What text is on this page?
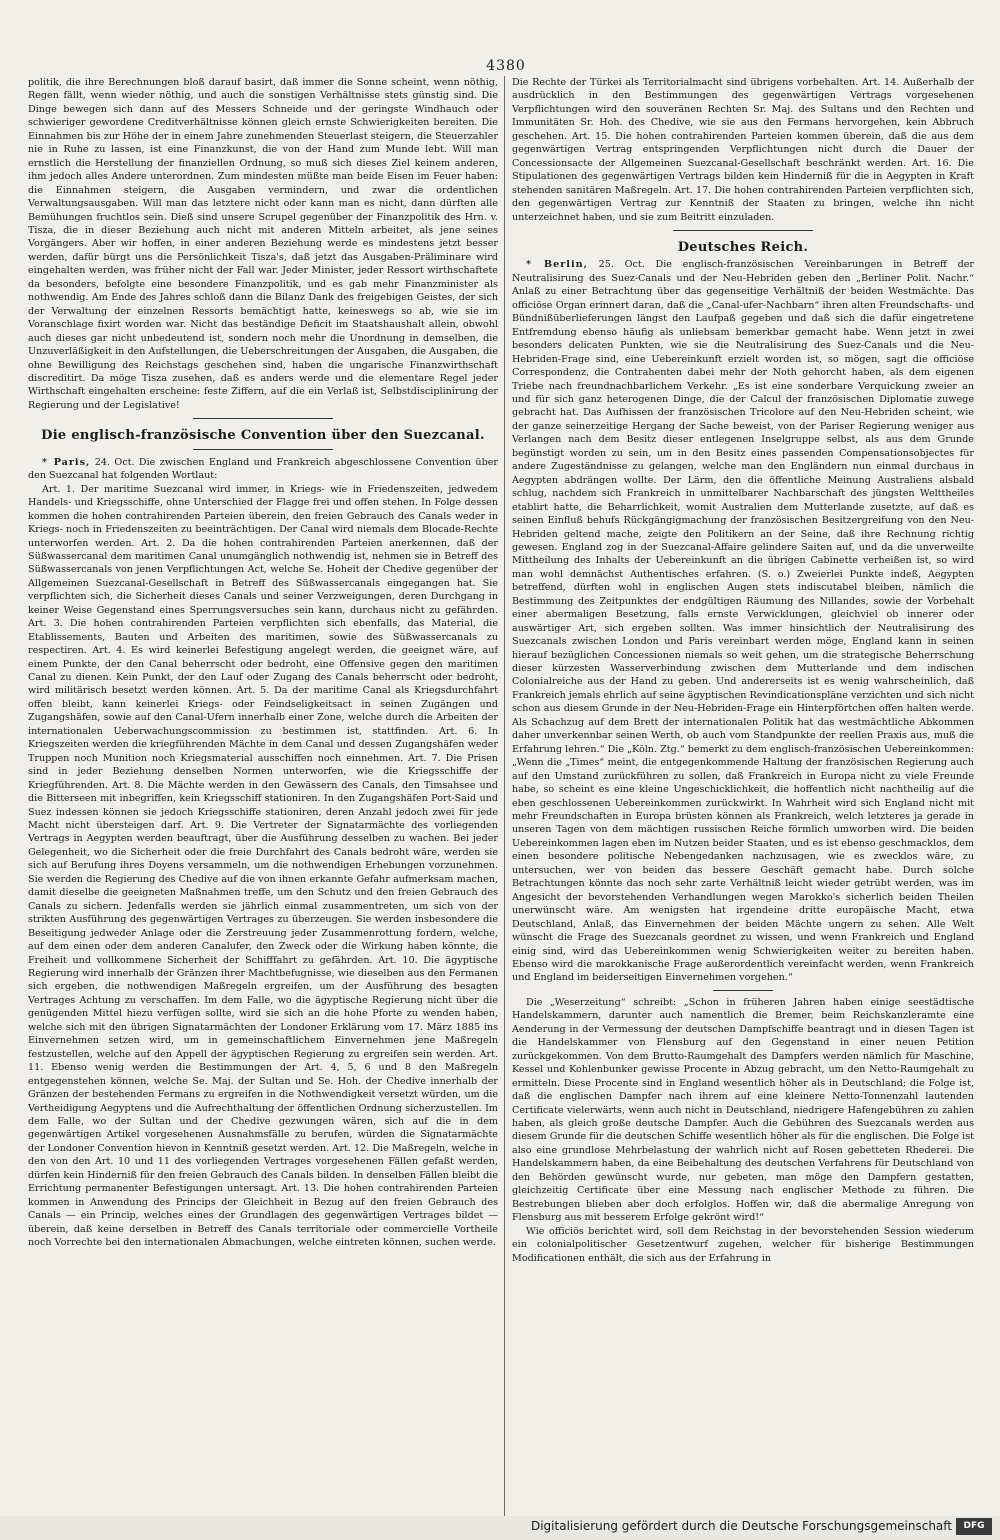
4380

politik, die ihre Berechnungen bloß darauf basirt, daß immer die Sonne scheint, wenn nöthig, Regen fällt, wenn wieder nöthig, und auch die sonstigen Verhältnisse stets günstig sind. Die Dinge bewegen sich dann auf des Messers Schneide und der geringste Windhauch oder schwieriger gewordene Creditverhältnisse können gleich ernste Schwierigkeiten bereiten. Die Einnahmen bis zur Höhe der in einem Jahre zunehmenden Steuerlast steigern, die Steuerzahler nie in Ruhe zu lassen, ist eine Finanzkunst, die von der Hand zum Munde lebt. Will man ernstlich die Herstellung der finanziellen Ordnung, so muß sich dieses Ziel keinem anderen, ihm jedoch alles Andere unterordnen. Zum mindesten müßte man beide Eisen im Feuer haben: die Einnahmen steigern, die Ausgaben vermindern, und zwar die ordentlichen Verwaltungsausgaben. Will man das letztere nicht oder kann man es nicht, dann dürften alle Bemühungen fruchtlos sein. Dieß sind unsere Scrupel gegenüber der Finanzpolitik des Hrn. v. Tisza, die in dieser Beziehung auch nicht mit anderen Mitteln arbeitet, als jene seines Vorgängers. Aber wir hoffen, in einer anderen Beziehung werde es mindestens jetzt besser werden, dafür bürgt uns die Persönlichkeit Tisza's, daß jetzt das Ausgaben-Präliminare wird eingehalten werden, was früher nicht der Fall war. Jeder Minister, jeder Ressort wirthschaftete da besonders, befolgte eine besondere Finanzpolitik, und es gab mehr Finanzminister als nothwendig. Am Ende des Jahres schloß dann die Bilanz Dank des freigebigen Geistes, der sich der Verwaltung der einzelnen Ressorts bemächtigt hatte, keineswegs so ab, wie sie im Voranschlage fixirt worden war. Nicht das beständige Deficit im Staatshaushalt allein, obwohl auch dieses gar nicht unbedeutend ist, sondern noch mehr die Unordnung in demselben, die Unzuverläßigkeit in den Aufstellungen, die Ueberschreitungen der Ausgaben, die Ausgaben, die ohne Bewilligung des Reichstags geschehen sind, haben die ungarische Finanzwirthschaft discreditirt. Da möge Tisza zusehen, daß es anders werde und die elementare Regel jeder Wirthschaft eingehalten erscheine: feste Ziffern, auf die ein Verlaß ist, Selbstdisciplinirung der Regierung und der Legislative!

Die englisch-französische Convention über den Suezcanal.

* Paris, 24. Oct. Die zwischen England und Frankreich abgeschlossene Convention über den Suezcanal hat folgenden Wortlaut:

Art. 1. Der maritime Suezcanal wird immer, in Kriegs- wie in Friedenszeiten, jedwedem Handels- und Kriegsschiffe, ohne Unterschied der Flagge frei und offen stehen. In Folge dessen kommen die hohen contrahirenden Parteien überein, den freien Gebrauch des Canals weder in Kriegs- noch in Friedenszeiten zu beeinträchtigen. Der Canal wird niemals dem Blocade-Rechte unterworfen werden. Art. 2. Da die hohen contrahirenden Parteien anerkennen, daß der Süßwassercanal dem maritimen Canal unumgänglich nothwendig ist, nehmen sie in Betreff des Süßwassercanals von jenen Verpflichtungen Act, welche Se. Hoheit der Chedive gegenüber der Allgemeinen Suezcanal-Gesellschaft in Betreff des Süßwassercanals eingegangen hat. Sie verpflichten sich, die Sicherheit dieses Canals und seiner Verzweigungen, deren Durchgang in keiner Weise Gegenstand eines Sperrungsversuches sein kann, durchaus nicht zu gefährden. Art. 3. Die hohen contrahirenden Parteien verpflichten sich ebenfalls, das Material, die Etablissements, Bauten und Arbeiten des maritimen, sowie des Süßwassercanals zu respectiren. Art. 4. Es wird keinerlei Befestigung angelegt werden, die geeignet wäre, auf einem Punkte, der den Canal beherrscht oder bedroht, eine Offensive gegen den maritimen Canal zu dienen. Kein Punkt, der den Lauf oder Zugang des Canals beherrscht oder bedroht, wird militärisch besetzt werden können. Art. 5. Da der maritime Canal als Kriegsdurchfahrt offen bleibt, kann keinerlei Kriegs- oder Feindseligkeitsact in seinen Zugängen und Zugangshäfen, sowie auf den Canal-Ufern innerhalb einer Zone, welche durch die Arbeiten der internationalen Ueberwachungscommission zu bestimmen ist, stattfinden. Art. 6. In Kriegszeiten werden die kriegführenden Mächte in dem Canal und dessen Zugangshäfen weder Truppen noch Munition noch Kriegsmaterial ausschiffen noch einnehmen. Art. 7. Die Prisen sind in jeder Beziehung denselben Normen unterworfen, wie die Kriegsschiffe der Kriegführenden. Art. 8. Die Mächte werden in den Gewässern des Canals, den Timsahsee und die Bitterseen mit inbegriffen, kein Kriegsschiff stationiren. In den Zugangshäfen Port-Said und Suez indessen können sie jedoch Kriegsschiffe stationiren, deren Anzahl jedoch zwei für jede Macht nicht übersteigen darf. Art. 9. Die Vertreter der Signatarmächte des vorliegenden Vertrags in Aegypten werden beauftragt, über die Ausführung desselben zu wachen. Bei jeder Gelegenheit, wo die Sicherheit oder die freie Durchfahrt des Canals bedroht wäre, werden sie sich auf Berufung ihres Doyens versammeln, um die nothwendigen Erhebungen vorzunehmen. Sie werden die Regierung des Chedive auf die von ihnen erkannte Gefahr aufmerksam machen, damit dieselbe die geeigneten Maßnahmen treffe, um den Schutz und den freien Gebrauch des Canals zu sichern. Jedenfalls werden sie jährlich einmal zusammentreten, um sich von der strikten Ausführung des gegenwärtigen Vertrages zu überzeugen. Sie werden insbesondere die Beseitigung jedweder Anlage oder die Zerstreuung jeder Zusammenrottung fordern, welche, auf dem einen oder dem anderen Canalufer, den Zweck oder die Wirkung haben könnte, die Freiheit und vollkommene Sicherheit der Schifffahrt zu gefährden. Art. 10. Die ägyptische Regierung wird innerhalb der Gränzen ihrer Machtbefugnisse, wie dieselben aus den Fermanen sich ergeben, die nothwendigen Maßregeln ergreifen, um der Ausführung des besagten Vertrages Achtung zu verschaffen. Im dem Falle, wo die ägyptische Regierung nicht über die genügenden Mittel hiezu verfügen sollte, wird sie sich an die hohe Pforte zu wenden haben, welche sich mit den übrigen Signatarmächten der Londoner Erklärung vom 17. März 1885 ins Einvernehmen setzen wird, um in gemeinschaftlichem Einvernehmen jene Maßregeln festzustellen, welche auf den Appell der ägyptischen Regierung zu ergreifen sein werden. Art. 11. Ebenso wenig werden die Bestimmungen der Art. 4, 5, 6 und 8 den Maßregeln entgegenstehen können, welche Se. Maj. der Sultan und Se. Hoh. der Chedive innerhalb der Gränzen der bestehenden Fermans zu ergreifen in die Nothwendigkeit versetzt würden, um die Vertheidigung Aegyptens und die Aufrechthaltung der öffentlichen Ordnung sicherzustellen. Im dem Falle, wo der Sultan und der Chedive gezwungen wären, sich auf die in dem gegenwärtigen Artikel vorgesehenen Ausnahmsfälle zu berufen, würden die Signatarmächte der Londoner Convention hievon in Kenntniß gesetzt werden. Art. 12. Die Maßregeln, welche in den von den Art. 10 und 11 des vorliegenden Vertrages vorgesehenen Fällen gefaßt werden, dürfen kein Hinderniß für den freien Gebrauch des Canals bilden. In denselben Fällen bleibt die Errichtung permanenter Befestigungen untersagt. Art. 13. Die hohen contrahirenden Parteien kommen in Anwendung des Princips der Gleichheit in Bezug auf den freien Gebrauch des Canals — ein Princip, welches eines der Grundlagen des gegenwärtigen Vertrages bildet — überein, daß keine derselben in Betreff des Canals territoriale oder commercielle Vortheile noch Vorrechte bei den internationalen Abmachungen, welche eintreten können, suchen werde.

Die Rechte der Türkei als Territorialmacht sind übrigens vorbehalten. Art. 14. Außerhalb der ausdrücklich in den Bestimmungen des gegenwärtigen Vertrags vorgesehenen Verpflichtungen wird den souveränen Rechten Sr. Maj. des Sultans und den Rechten und Immunitäten Sr. Hoh. des Chedive, wie sie aus den Fermans hervorgehen, kein Abbruch geschehen. Art. 15. Die hohen contrahirenden Parteien kommen überein, daß die aus dem gegenwärtigen Vertrag entspringenden Verpflichtungen nicht durch die Dauer der Concessionsacte der Allgemeinen Suezcanal-Gesellschaft beschränkt werden. Art. 16. Die Stipulationen des gegenwärtigen Vertrags bilden kein Hinderniß für die in Aegypten in Kraft stehenden sanitären Maßregeln. Art. 17. Die hohen contrahirenden Parteien verpflichten sich, den gegenwärtigen Vertrag zur Kenntniß der Staaten zu bringen, welche ihn nicht unterzeichnet haben, und sie zum Beitritt einzuladen.

Deutsches Reich.

* Berlin, 25. Oct. Die englisch-französischen Vereinbarungen in Betreff der Neutralisirung des Suez-Canals und der Neu-Hebriden geben den „Berliner Polit. Nachr.“ Anlaß zu einer Betrachtung über das gegenseitige Verhältniß der beiden Westmächte. Das officiöse Organ erinnert daran, daß die „Canal-ufer-Nachbarn“ ihren alten Freundschafts- und Bündnißüberlieferungen längst den Laufpaß gegeben und daß sich die dafür eingetretene Entfremdung ebenso häufig als unliebsam bemerkbar gemacht habe. Wenn jetzt in zwei besonders delicaten Punkten, wie sie die Neutralisirung des Suez-Canals und die Neu-Hebriden-Frage sind, eine Uebereinkunft erzielt worden ist, so mögen, sagt die officiöse Correspondenz, die Contrahenten dabei mehr der Noth gehorcht haben, als dem eigenen Triebe nach freundnachbarlichem Verkehr. „Es ist eine sonderbare Verquickung zweier an und für sich ganz heterogenen Dinge, die der Calcul der französischen Diplomatie zuwege gebracht hat. Das Aufhissen der französischen Tricolore auf den Neu-Hebriden scheint, wie der ganze seinerzeitige Hergang der Sache beweist, von der Pariser Regierung weniger aus Verlangen nach dem Besitz dieser entlegenen Inselgruppe selbst, als aus dem Grunde begünstigt worden zu sein, um in den Besitz eines passenden Compensationsobjectes für andere Zugeständnisse zu gelangen, welche man den Engländern nun einmal durchaus in Aegypten abdrängen wollte. Der Lärm, den die öffentliche Meinung Australiens alsbald schlug, nachdem sich Frankreich in unmittelbarer Nachbarschaft des jüngsten Welttheiles etablirt hatte, die Beharrlichkeit, womit Australien dem Mutterlande zusetzte, auf daß es seinen Einfluß behufs Rückgängigmachung der französischen Besitzergreifung von den Neu-Hebriden geltend mache, zeigte den Politikern an der Seine, daß ihre Rechnung richtig gewesen. England zog in der Suezcanal-Affaire gelindere Saiten auf, und da die unverweilte Mittheilung des Inhalts der Uebereinkunft an die übrigen Cabinette verheißen ist, so wird man wohl demnächst Authentisches erfahren. (S. o.) Zweierlei Punkte indeß, Aegypten betreffend, dürften wohl in englischen Augen stets indiscutabel bleiben, nämlich die Bestimmung des Zeitpunktes der endgültigen Räumung des Nillandes, sowie der Vorbehalt einer abermaligen Besetzung, falls ernste Verwicklungen, gleichviel ob innerer oder auswärtiger Art, sich ergeben sollten. Was immer hinsichtlich der Neutralisirung des Suezcanals zwischen London und Paris vereinbart werden möge, England kann in seinen hierauf bezüglichen Concessionen niemals so weit gehen, um die strategische Beherrschung dieser kürzesten Wasserverbindung zwischen dem Mutterlande und dem indischen Colonialreiche aus der Hand zu geben. Und andererseits ist es wenig wahrscheinlich, daß Frankreich jemals ehrlich auf seine ägyptischen Revindicationspläne verzichten und sich nicht schon aus diesem Grunde in der Neu-Hebriden-Frage ein Hinterpförtchen offen halten werde. Als Schachzug auf dem Brett der internationalen Politik hat das westmächtliche Abkommen daher unverkennbar seinen Werth, ob auch vom Standpunkte der reellen Praxis aus, muß die Erfahrung lehren.“ Die „Köln. Ztg.“ bemerkt zu dem englisch-französischen Uebereinkommen: „Wenn die „Times“ meint, die entgegenkommende Haltung der französischen Regierung auch auf den Umstand zurückführen zu sollen, daß Frankreich in Europa nicht zu viele Freunde habe, so scheint es eine kleine Ungeschicklichkeit, die hoffentlich nicht nachtheilig auf die eben geschlossenen Uebereinkommen zurückwirkt. In Wahrheit wird sich England nicht mit mehr Freundschaften in Europa brüsten können als Frankreich, welch letzteres ja gerade in unseren Tagen von dem mächtigen russischen Reiche förmlich umworben wird. Die beiden Uebereinkommen lagen eben im Nutzen beider Staaten, und es ist ebenso geschmacklos, dem einen besondere politische Nebengedanken nachzusagen, wie es zwecklos wäre, zu untersuchen, wer von beiden das bessere Geschäft gemacht habe. Durch solche Betrachtungen könnte das noch sehr zarte Verhältniß leicht wieder getrübt werden, was im Angesicht der bevorstehenden Verhandlungen wegen Marokko's sicherlich beiden Theilen unerwünscht wäre. Am wenigsten hat irgendeine dritte europäische Macht, etwa Deutschland, Anlaß, das Einvernehmen der beiden Mächte ungern zu sehen. Alle Welt wünscht die Frage des Suezcanals geordnet zu wissen, und wenn Frankreich und England einig sind, wird das Uebereinkommen wenig Schwierigkeiten weiter zu bereiten haben. Ebenso wird die marokkanische Frage außerordentlich vereinfacht werden, wenn Frankreich und England im beiderseitigen Einvernehmen vorgehen.“

Die „Weserzeitung“ schreibt: „Schon in früheren Jahren haben einige seestädtische Handelskammern, darunter auch namentlich die Bremer, beim Reichskanzleramte eine Aenderung in der Vermessung der deutschen Dampfschiffe beantragt und in diesen Tagen ist die Handelskammer von Flensburg auf den Gegenstand in einer neuen Petition zurückgekommen. Von dem Brutto-Raumgehalt des Dampfers werden nämlich für Maschine, Kessel und Kohlenbunker gewisse Procente in Abzug gebracht, um den Netto-Raumgehalt zu ermitteln. Diese Procente sind in England wesentlich höher als in Deutschland; die Folge ist, daß die englischen Dampfer nach ihrem auf eine kleinere Netto-Tonnenzahl lautenden Certificate vielerwärts, wenn auch nicht in Deutschland, niedrigere Hafengebühren zu zahlen haben, als gleich große deutsche Dampfer. Auch die Gebühren des Suezcanals werden aus diesem Grunde für die deutschen Schiffe wesentlich höher als für die englischen. Die Folge ist also eine grundlose Mehrbelastung der wahrlich nicht auf Rosen gebetteten Rhederei. Die Handelskammern haben, da eine Beibehaltung des deutschen Verfahrens für Deutschland von den Behörden gewünscht wurde, nur gebeten, man möge den Dampfern gestatten, gleichzeitig Certificate über eine Messung nach englischer Methode zu führen. Die Bestrebungen blieben aber doch erfolglos. Hoffen wir, daß die abermalige Anregung von Flensburg aus mit besserem Erfolge gekrönt wird!“

Wie officiös berichtet wird, soll dem Reichstag in der bevorstehenden Session wiederum ein colonialpolitischer Gesetzentwurf zugehen, welcher für bisherige Bestimmungen Modificationen enthält, die sich aus der Erfahrung in

Digitalisierung gefördert durch die Deutsche Forschungsgemeinschaft	DFG
